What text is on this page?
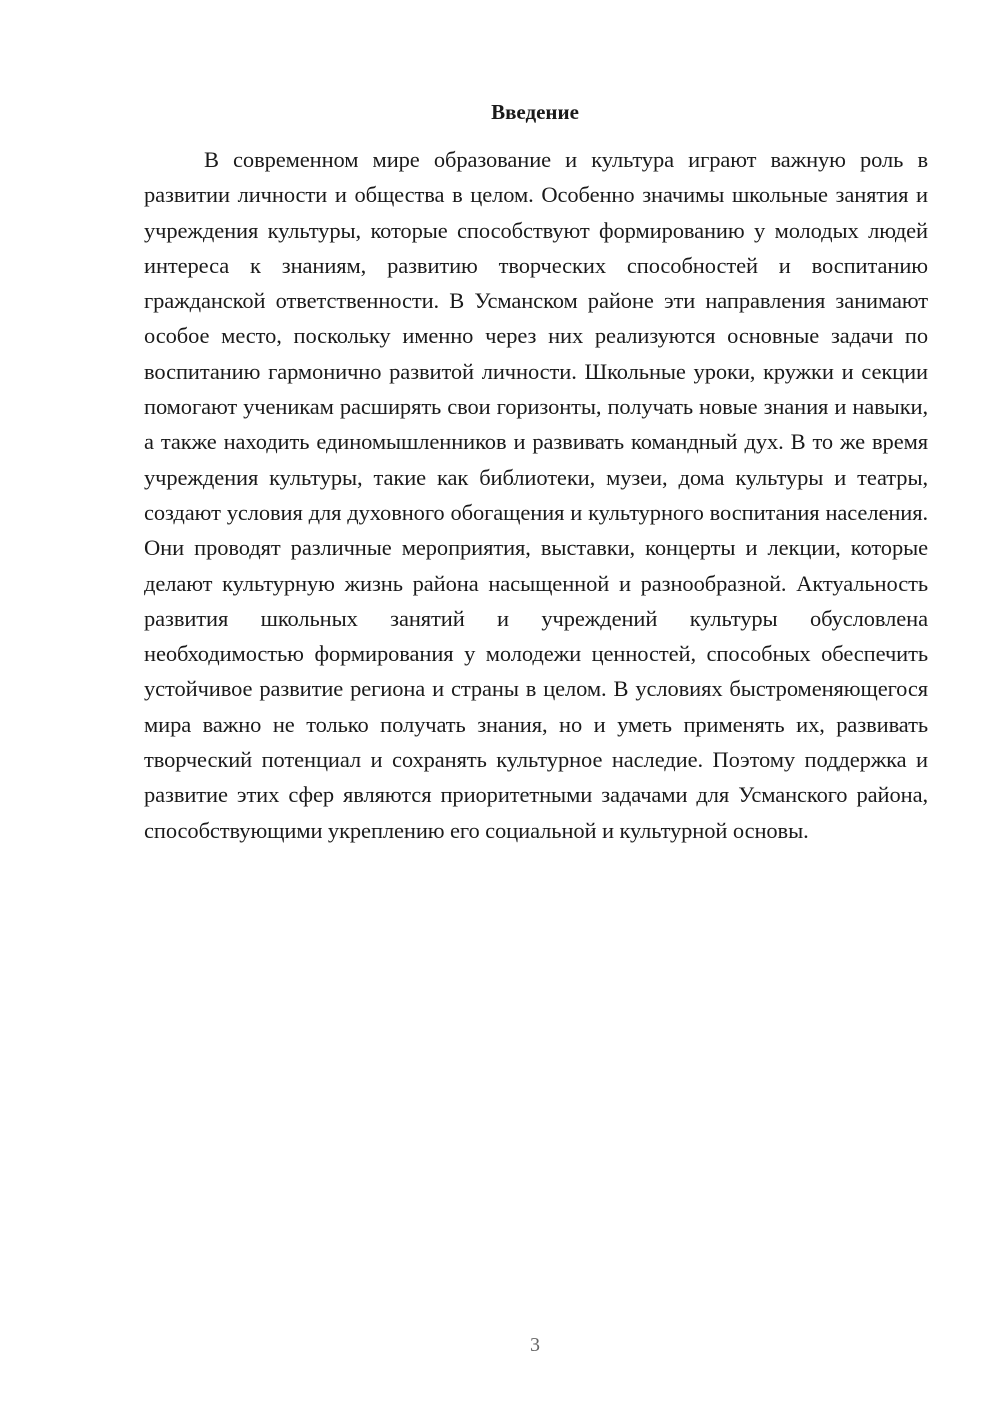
Введение

В современном мире образование и культура играют важную роль в развитии личности и общества в целом. Особенно значимы школьные занятия и учреждения культуры, которые способствуют формированию у молодых людей интереса к знаниям, развитию творческих способностей и воспитанию гражданской ответственности. В Усманском районе эти направления занимают особое место, поскольку именно через них реализуются основные задачи по воспитанию гармонично развитой личности. Школьные уроки, кружки и секции помогают ученикам расширять свои горизонты, получать новые знания и навыки, а также находить единомышленников и развивать командный дух. В то же время учреждения культуры, такие как библиотеки, музеи, дома культуры и театры, создают условия для духовного обогащения и культурного воспитания населения. Они проводят различные мероприятия, выставки, концерты и лекции, которые делают культурную жизнь района насыщенной и разнообразной. Актуальность развития школьных занятий и учреждений культуры обусловлена необходимостью формирования у молодежи ценностей, способных обеспечить устойчивое развитие региона и страны в целом. В условиях быстроменяющегося мира важно не только получать знания, но и уметь применять их, развивать творческий потенциал и сохранять культурное наследие. Поэтому поддержка и развитие этих сфер являются приоритетными задачами для Усманского района, способствующими укреплению его социальной и культурной основы.

3
